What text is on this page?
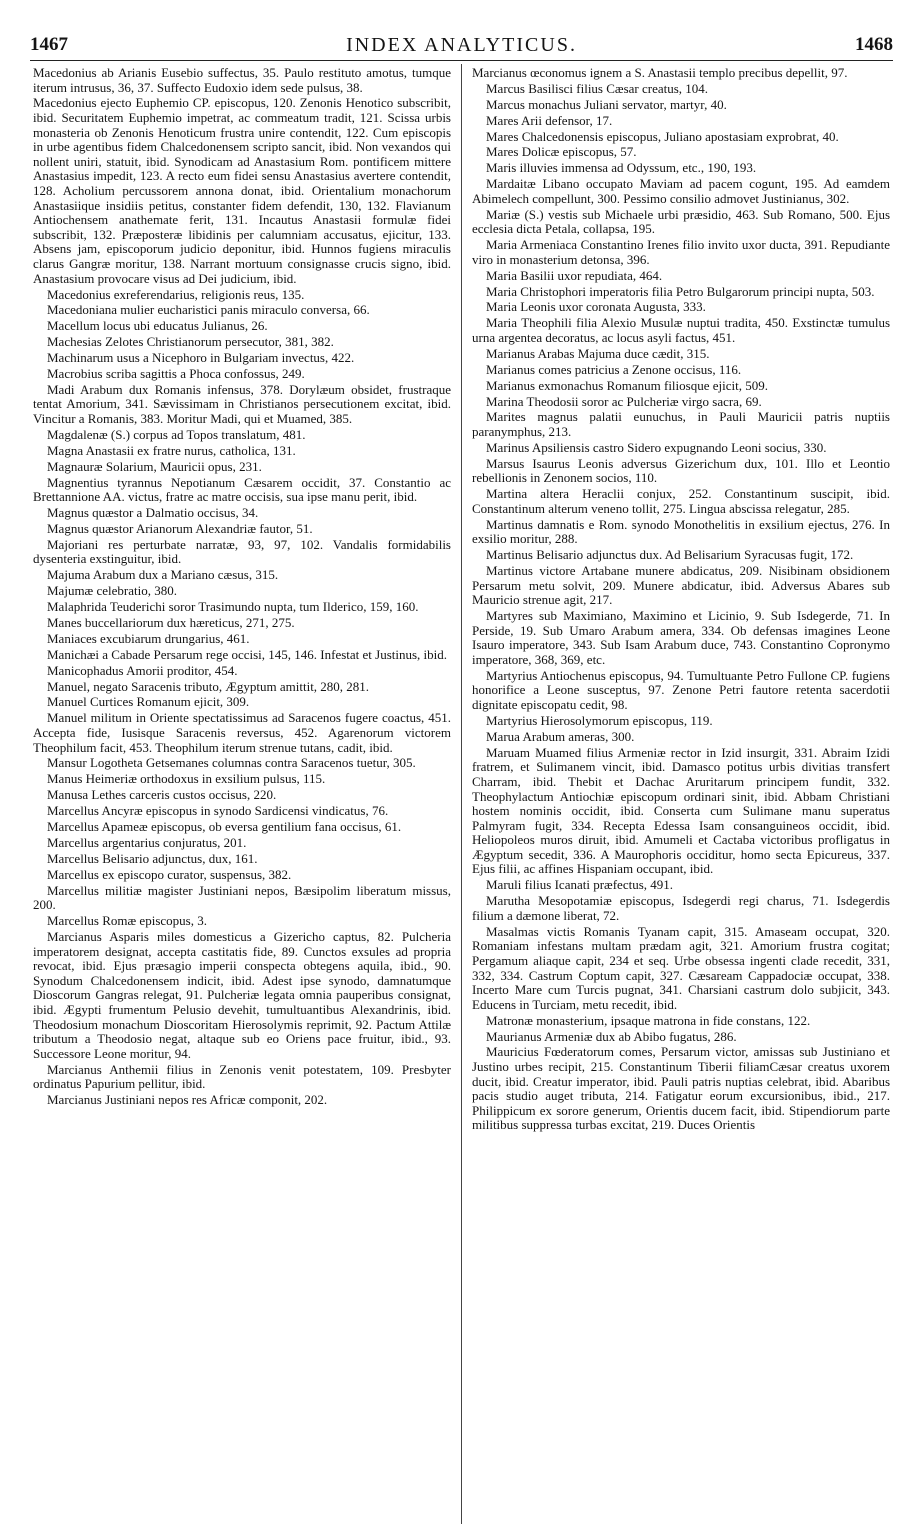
1467	INDEX ANALYTICUS.	1468

Macedonius ab Arianis Eusebio suffectus, 35. Paulo restituto amotus, tumque iterum intrusus, 36, 37. Suffecto Eudoxio idem sede pulsus, 38.

Macedonius ejecto Euphemio CP. episcopus, 120. Zenonis Henotico subscribit, ibid. Securitatem Euphemio impetrat, ac commeatum tradit, 121. Scissa urbis monasteria ob Zenonis Henoticum frustra unire contendit, 122. Cum episcopis in urbe agentibus fidem Chalcedonensem scripto sancit, ibid. Non vexandos qui nollent uniri, statuit, ibid. Synodicam ad Anastasium Rom. pontificem mittere Anastasius impedit, 123. A recto eum fidei sensu Anastasius avertere contendit, 128. Acholium percussorem annona donat, ibid. Orientalium monachorum Anastasiique insidiis petitus, constanter fidem defendit, 130, 132. Flavianum Antiochensem anathemate ferit, 131. Incautus Anastasii formulæ fidei subscribit, 132. Præposteræ libidinis per calumniam accusatus, ejicitur, 133. Absens jam, episcoporum judicio deponitur, ibid. Hunnos fugiens miraculis clarus Gangræ moritur, 138. Narrant mortuum consignasse crucis signo, ibid. Anastasium provocare visus ad Dei judicium, ibid.

Macedonius exreferendarius, religionis reus, 135.

Macedoniana mulier eucharistici panis miraculo conversa, 66.

Macellum locus ubi educatus Julianus, 26.

Machesias Zelotes Christianorum persecutor, 381, 382.

Machinarum usus a Nicephoro in Bulgariam invectus, 422.

Macrobius scriba sagittis a Phoca confossus, 249.

Madi Arabum dux Romanis infensus, 378. Dorylæum obsidet, frustraque tentat Amorium, 341. Sævissimam in Christianos persecutionem excitat, ibid. Vincitur a Romanis, 383. Moritur Madi, qui et Muamed, 385.

Magdalenæ (S.) corpus ad Topos translatum, 481.

Magna Anastasii ex fratre nurus, catholica, 131.

Magnauræ Solarium, Mauricii opus, 231.

Magnentius tyrannus Nepotianum Cæsarem occidit, 37. Constantio ac Brettannione AA. victus, fratre ac matre occisis, sua ipse manu perit, ibid.

Magnus quæstor a Dalmatio occisus, 34.

Magnus quæstor Arianorum Alexandriæ fautor, 51.

Majoriani res perturbate narratæ, 93, 97, 102. Vandalis formidabilis dysenteria exstinguitur, ibid.

Majuma Arabum dux a Mariano cæsus, 315.

Majumæ celebratio, 380.

Malaphrida Teuderichi soror Trasimundo nupta, tum Ilderico, 159, 160.

Manes buccellariorum dux hæreticus, 271, 275.

Maniaces excubiarum drungarius, 461.

Manichæi a Cabade Persarum rege occisi, 145, 146. Infestat et Justinus, ibid.

Manicophadus Amorii proditor, 454.

Manuel, negato Saracenis tributo, Ægyptum amittit, 280, 281.

Manuel Curtices Romanum ejicit, 309.

Manuel militum in Oriente spectatissimus ad Saracenos fugere coactus, 451. Accepta fide, Iusisque Saracenis reversus, 452. Agarenorum victorem Theophilum facit, 453. Theophilum iterum strenue tutans, cadit, ibid.

Mansur Logotheta Getsemanes columnas contra Saracenos tuetur, 305.

Manus Heimeriæ orthodoxus in exsilium pulsus, 115.

Manusa Lethes carceris custos occisus, 220.

Marcellus Ancyræ episcopus in synodo Sardicensi vindicatus, 76.

Marcellus Apameæ episcopus, ob eversa gentilium fana occisus, 61.

Marcellus argentarius conjuratus, 201.

Marcellus Belisario adjunctus, dux, 161.

Marcellus ex episcopo curator, suspensus, 382.

Marcellus militiæ magister Justiniani nepos, Bæsipolim liberatum missus, 200.

Marcellus Romæ episcopus, 3.

Marcianus Asparis miles domesticus a Gizericho captus, 82. Pulcheria imperatorem designat, accepta castitatis fide, 89. Cunctos exsules ad propria revocat, ibid. Ejus præsagio imperii conspecta obtegens aquila, ibid., 90. Synodum Chalcedonensem indicit, ibid. Adest ipse synodo, damnatumque Dioscorum Gangras relegat, 91. Pulcheriæ legata omnia pauperibus consignat, ibid. Ægypti frumentum Pelusio devehit, tumultuantibus Alexandrinis, ibid. Theodosium monachum Dioscoritam Hierosolymis reprimit, 92. Pactum Attilæ tributum a Theodosio negat, altaque sub eo Oriens pace fruitur, ibid., 93. Successore Leone moritur, 94.

Marcianus Anthemii filius in Zenonis venit potestatem, 109. Presbyter ordinatus Papurium pellitur, ibid.

Marcianus Justiniani nepos res Africæ componit, 202.

Marcianus œconomus ignem a S. Anastasii templo precibus depellit, 97.

Marcus Basilisci filius Cæsar creatus, 104.

Marcus monachus Juliani servator, martyr, 40.

Mares Arii defensor, 17.

Mares Chalcedonensis episcopus, Juliano apostasiam exprobrat, 40.

Mares Dolicæ episcopus, 57.

Maris illuvies immensa ad Odyssum, etc., 190, 193.

Mardaitæ Libano occupato Maviam ad pacem cogunt, 195. Ad eamdem Abimelech compellunt, 300. Pessimo consilio admovet Justinianus, 302.

Mariæ (S.) vestis sub Michaele urbi præsidio, 463. Sub Romano, 500. Ejus ecclesia dicta Petala, collapsa, 195.

Maria Armeniaca Constantino Irenes filio invito uxor ducta, 391. Repudiante viro in monasterium detonsa, 396.

Maria Basilii uxor repudiata, 464.

Maria Christophori imperatoris filia Petro Bulgarorum principi nupta, 503.

Maria Leonis uxor coronata Augusta, 333.

Maria Theophili filia Alexio Musulæ nuptui tradita, 450. Exstinctæ tumulus urna argentea decoratus, ac locus asyli factus, 451.

Marianus Arabas Majuma duce cædit, 315.

Marianus comes patricius a Zenone occisus, 116.

Marianus exmonachus Romanum filiosque ejicit, 509.

Marina Theodosii soror ac Pulcheriæ virgo sacra, 69.

Marites magnus palatii eunuchus, in Pauli Mauricii patris nuptiis paranymphus, 213.

Marinus Apsiliensis castro Sidero expugnando Leoni socius, 330.

Marsus Isaurus Leonis adversus Gizerichum dux, 101. Illo et Leontio rebellionis in Zenonem socios, 110.

Martina altera Heraclii conjux, 252. Constantinum suscipit, ibid. Constantinum alterum veneno tollit, 275. Lingua abscissa relegatur, 285.

Martinus damnatis e Rom. synodo Monothelitis in exsilium ejectus, 276. In exsilio moritur, 288.

Martinus Belisario adjunctus dux. Ad Belisarium Syracusas fugit, 172.

Martinus victore Artabane munere abdicatus, 209. Nisibinam obsidionem Persarum metu solvit, 209. Munere abdicatur, ibid. Adversus Abares sub Mauricio strenue agit, 217.

Martyres sub Maximiano, Maximino et Licinio, 9. Sub Isdegerde, 71. In Perside, 19. Sub Umaro Arabum amera, 334. Ob defensas imagines Leone Isauro imperatore, 343. Sub Isam Arabum duce, 743. Constantino Copronymo imperatore, 368, 369, etc.

Martyrius Antiochenus episcopus, 94. Tumultuante Petro Fullone CP. fugiens honorifice a Leone susceptus, 97. Zenone Petri fautore retenta sacerdotii dignitate episcopatu cedit, 98.

Martyrius Hierosolymorum episcopus, 119.

Marua Arabum ameras, 300.

Maruam Muamed filius Armeniæ rector in Izid insurgit, 331. Abraim Izidi fratrem, et Sulimanem vincit, ibid. Damasco potitus urbis divitias transfert Charram, ibid. Thebit et Dachac Aruritarum principem fundit, 332. Theophylactum Antiochiæ episcopum ordinari sinit, ibid. Abbam Christiani hostem nominis occidit, ibid. Conserta cum Sulimane manu superatus Palmyram fugit, 334. Recepta Edessa Isam consanguineos occidit, ibid. Heliopoleos muros diruit, ibid. Amumeli et Cactaba victoribus profligatus in Ægyptum secedit, 336. A Maurophoris occiditur, homo secta Epicureus, 337. Ejus filii, ac affines Hispaniam occupant, ibid.

Maruli filius Icanati præfectus, 491.

Marutha Mesopotamiæ episcopus, Isdegerdi regi charus, 71. Isdegerdis filium a dæmone liberat, 72.

Masalmas victis Romanis Tyanam capit, 315. Amaseam occupat, 320. Romaniam infestans multam prædam agit, 321. Amorium frustra cogitat; Pergamum aliaque capit, 234 et seq. Urbe obsessa ingenti clade recedit, 331, 332, 334. Castrum Coptum capit, 327. Cæsaream Cappadociæ occupat, 338. Incerto Mare cum Turcis pugnat, 341. Charsiani castrum dolo subjicit, 343. Educens in Turciam, metu recedit, ibid.

Matronæ monasterium, ipsaque matrona in fide constans, 122.

Maurianus Armeniæ dux ab Abibo fugatus, 286.

Mauricius Fœderatorum comes, Persarum victor, amissas sub Justiniano et Justino urbes recipit, 215. Constantinum Tiberii filiamCæsar creatus uxorem ducit, ibid. Creatur imperator, ibid. Pauli patris nuptias celebrat, ibid. Abaribus pacis studio auget tributa, 214. Fatigatur eorum excursionibus, ibid., 217. Philippicum ex sorore generum, Orientis ducem facit, ibid. Stipendiorum parte militibus suppressa turbas excitat, 219. Duces Orientis
